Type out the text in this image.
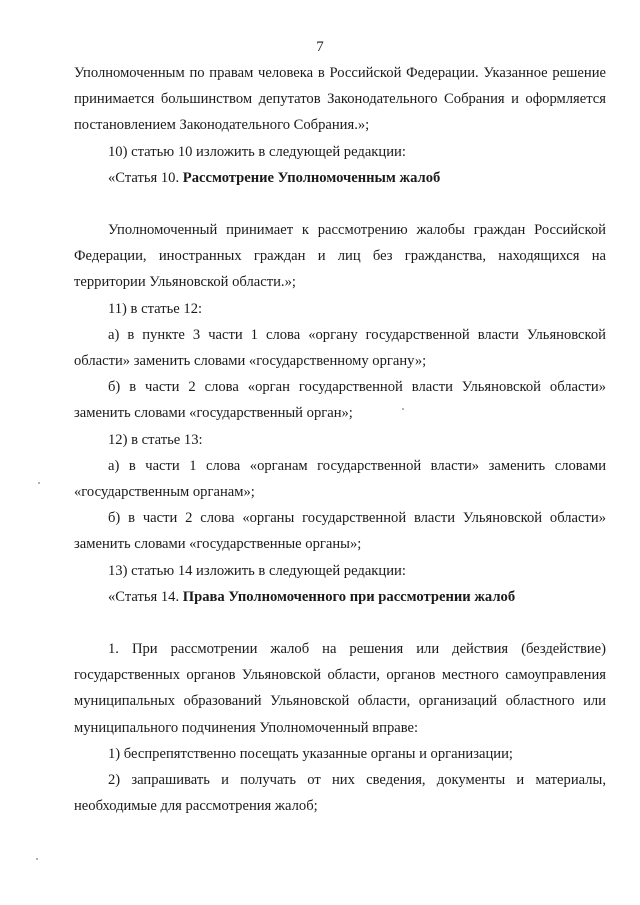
7

Уполномоченным по правам человека в Российской Федерации. Указанное решение принимается большинством депутатов Законодательного Собрания и оформляется постановлением Законодательного Собрания.»;

10) статью 10 изложить в следующей редакции:

«Статья 10. Рассмотрение Уполномоченным жалоб

Уполномоченный принимает к рассмотрению жалобы граждан Российской Федерации, иностранных граждан и лиц без гражданства, находящихся на территории Ульяновской области.»;

11) в статье 12:

а) в пункте 3 части 1 слова «органу государственной власти Ульяновской области» заменить словами «государственному органу»;

б) в части 2 слова «орган государственной власти Ульяновской области» заменить словами «государственный орган»;

12) в статье 13:

а) в части 1 слова «органам государственной власти» заменить словами «государственным органам»;

б) в части 2 слова «органы государственной власти Ульяновской области» заменить словами «государственные органы»;

13) статью 14 изложить в следующей редакции:

«Статья 14. Права Уполномоченного при рассмотрении жалоб

1. При рассмотрении жалоб на решения или действия (бездействие) государственных органов Ульяновской области, органов местного самоуправления муниципальных образований Ульяновской области, организаций областного или муниципального подчинения Уполномоченный вправе:

1) беспрепятственно посещать указанные органы и организации;

2) запрашивать и получать от них сведения, документы и материалы, необходимые для рассмотрения жалоб;
